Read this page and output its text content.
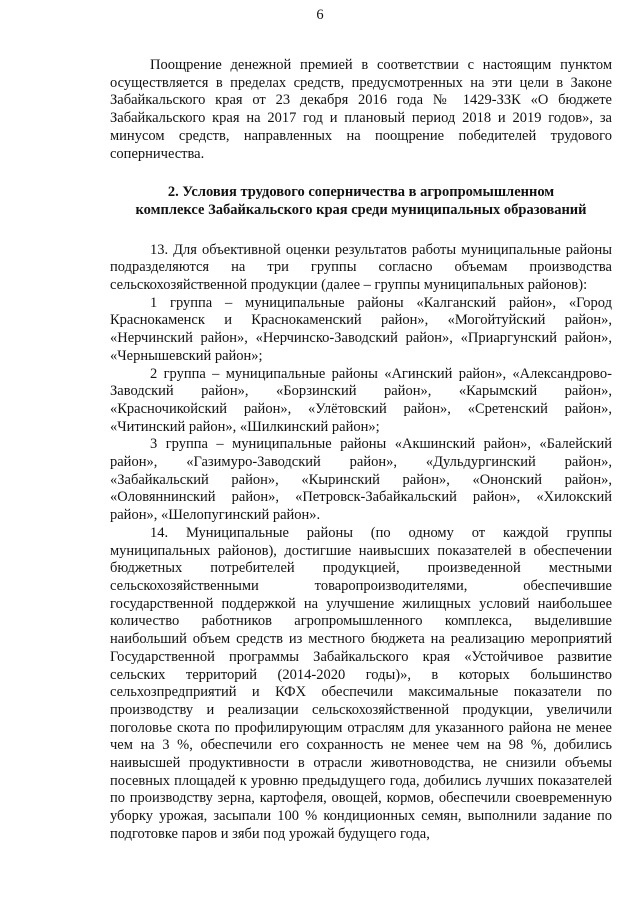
6

Поощрение денежной премией в соответствии с настоящим пунктом осуществляется в пределах средств, предусмотренных на эти цели в Законе Забайкальского края от 23 декабря 2016 года № 1429-ЗЗК «О бюджете Забайкальского края на 2017 год и плановый период 2018 и 2019 годов», за минусом средств, направленных на поощрение победителей трудового соперничества.

2. Условия трудового соперничества в агропромышленном
комплексе Забайкальского края среди муниципальных образований

13. Для объективной оценки результатов работы муниципальные районы подразделяются на три группы согласно объемам производства сельскохозяйственной продукции (далее – группы муниципальных районов):

1 группа – муниципальные районы «Калганский район», «Город Краснокаменск и Краснокаменский район», «Могойтуйский район», «Нерчинский район», «Нерчинско-Заводский район», «Приаргунский район», «Чернышевский район»;

2 группа – муниципальные районы «Агинский район», «Александрово-Заводский район», «Борзинский район», «Карымский район», «Красночикойский район», «Улётовский район», «Сретенский район», «Читинский район», «Шилкинский район»;

3 группа – муниципальные районы «Акшинский район», «Балейский район», «Газимуро-Заводский район», «Дульдургинский район», «Забайкальский район», «Кыринский район», «Ононский район», «Оловяннинский район», «Петровск-Забайкальский район», «Хилокский район», «Шелопугинский район».

14. Муниципальные районы (по одному от каждой группы муниципальных районов), достигшие наивысших показателей в обеспечении бюджетных потребителей продукцией, произведенной местными сельскохозяйственными товаропроизводителями, обеспечившие государственной поддержкой на улучшение жилищных условий наибольшее количество работников агропромышленного комплекса, выделившие наибольший объем средств из местного бюджета на реализацию мероприятий Государственной программы Забайкальского края «Устойчивое развитие сельских территорий (2014-2020 годы)», в которых большинство сельхозпредприятий и КФХ обеспечили максимальные показатели по производству и реализации сельскохозяйственной продукции, увеличили поголовье скота по профилирующим отраслям для указанного района не менее чем на 3 %, обеспечили его сохранность не менее чем на 98 %, добились наивысшей продуктивности в отрасли животноводства, не снизили объемы посевных площадей к уровню предыдущего года, добились лучших показателей по производству зерна, картофеля, овощей, кормов, обеспечили своевременную уборку урожая, засыпали 100 % кондиционных семян, выполнили задание по подготовке паров и зяби под урожай будущего года,
